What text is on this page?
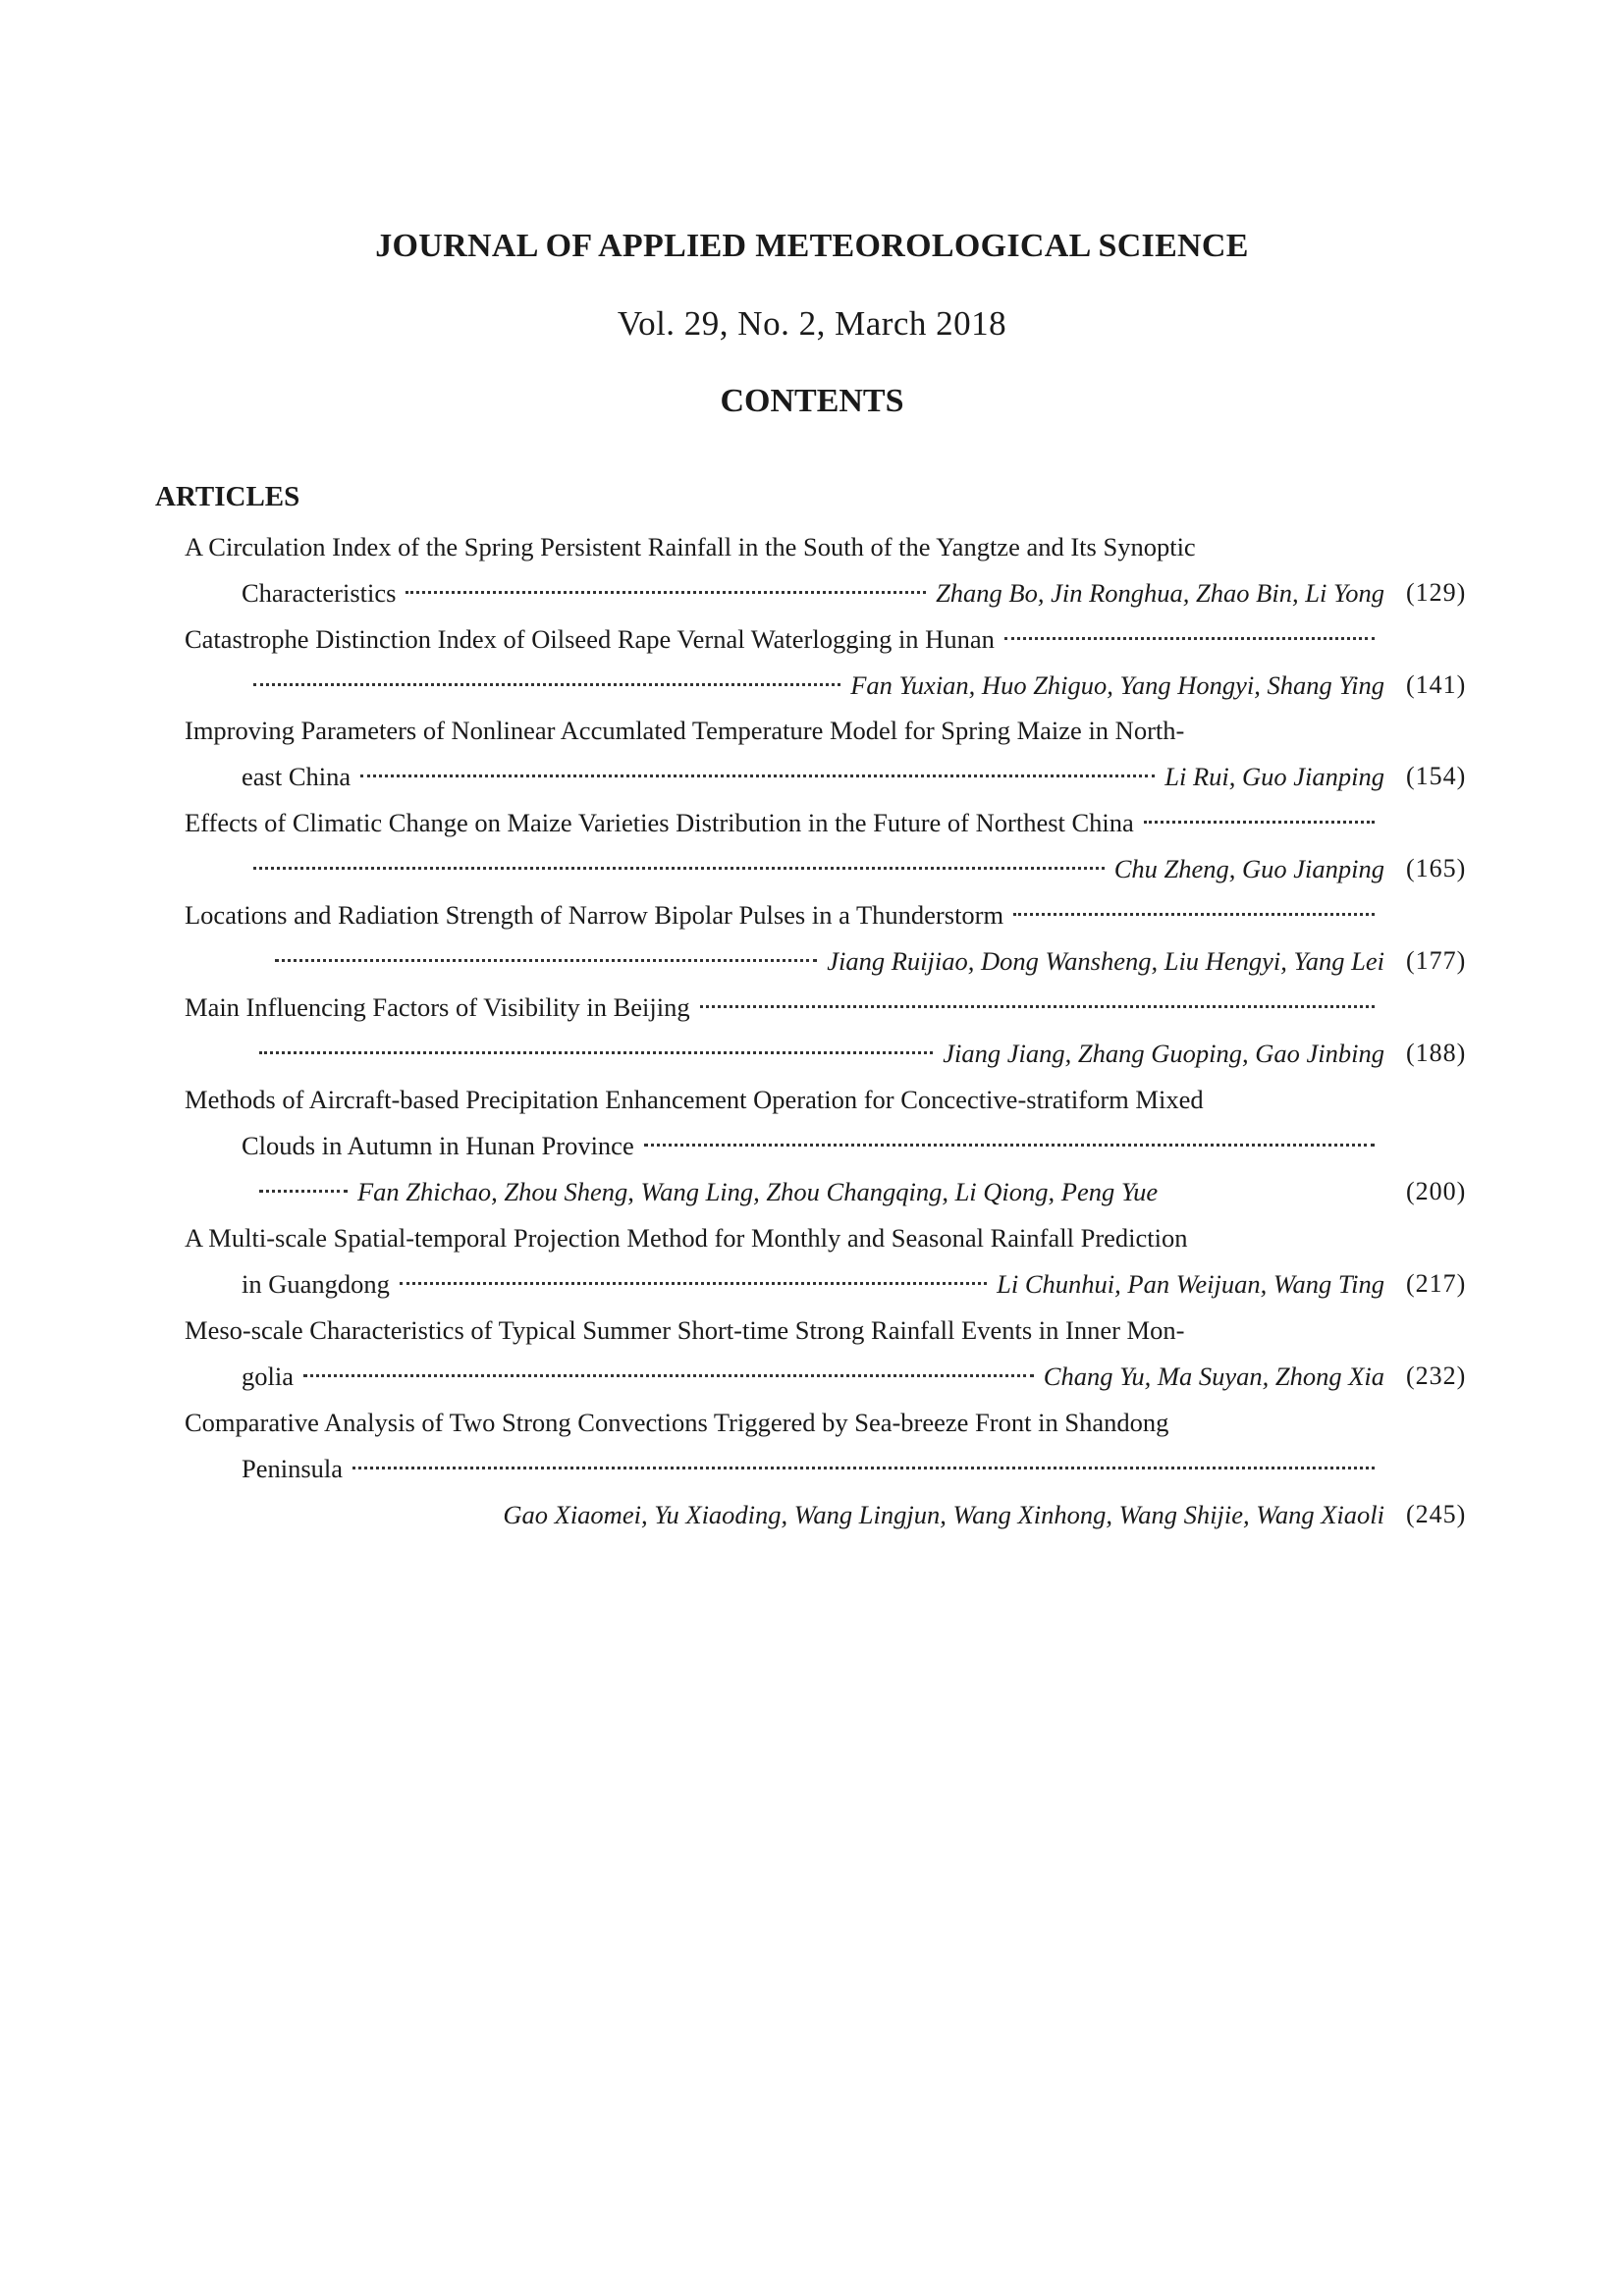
JOURNAL OF APPLIED METEOROLOGICAL SCIENCE
Vol. 29, No. 2, March 2018
CONTENTS
ARTICLES
A Circulation Index of the Spring Persistent Rainfall in the South of the Yangtze and Its Synoptic
Characteristics	Zhang Bo, Jin Ronghua, Zhao Bin, Li Yong (129)
Catastrophe Distinction Index of Oilseed Rape Vernal Waterlogging in Hunan
Fan Yuxian, Huo Zhiguo, Yang Hongyi, Shang Ying (141)
Improving Parameters of Nonlinear Accumlated Temperature Model for Spring Maize in North-
east China	Li Rui, Guo Jianping (154)
Effects of Climatic Change on Maize Varieties Distribution in the Future of Northest China
Chu Zheng, Guo Jianping (165)
Locations and Radiation Strength of Narrow Bipolar Pulses in a Thunderstorm
Jiang Ruijiao, Dong Wansheng, Liu Hengyi, Yang Lei (177)
Main Influencing Factors of Visibility in Beijing
Jiang Jiang, Zhang Guoping, Gao Jinbing (188)
Methods of Aircraft-based Precipitation Enhancement Operation for Concective-stratiform Mixed
Clouds in Autumn in Hunan Province
Fan Zhichao, Zhou Sheng, Wang Ling, Zhou Changqing, Li Qiong, Peng Yue	(200)
A Multi-scale Spatial-temporal Projection Method for Monthly and Seasonal Rainfall Prediction
in Guangdong	Li Chunhui, Pan Weijuan, Wang Ting (217)
Meso-scale Characteristics of Typical Summer Short-time Strong Rainfall Events in Inner Mon-
golia	Chang Yu, Ma Suyan, Zhong Xia (232)
Comparative Analysis of Two Strong Convections Triggered by Sea-breeze Front in Shandong
Peninsula
Gao Xiaomei, Yu Xiaoding, Wang Lingjun, Wang Xinhong, Wang Shijie, Wang Xiaoli (245)
